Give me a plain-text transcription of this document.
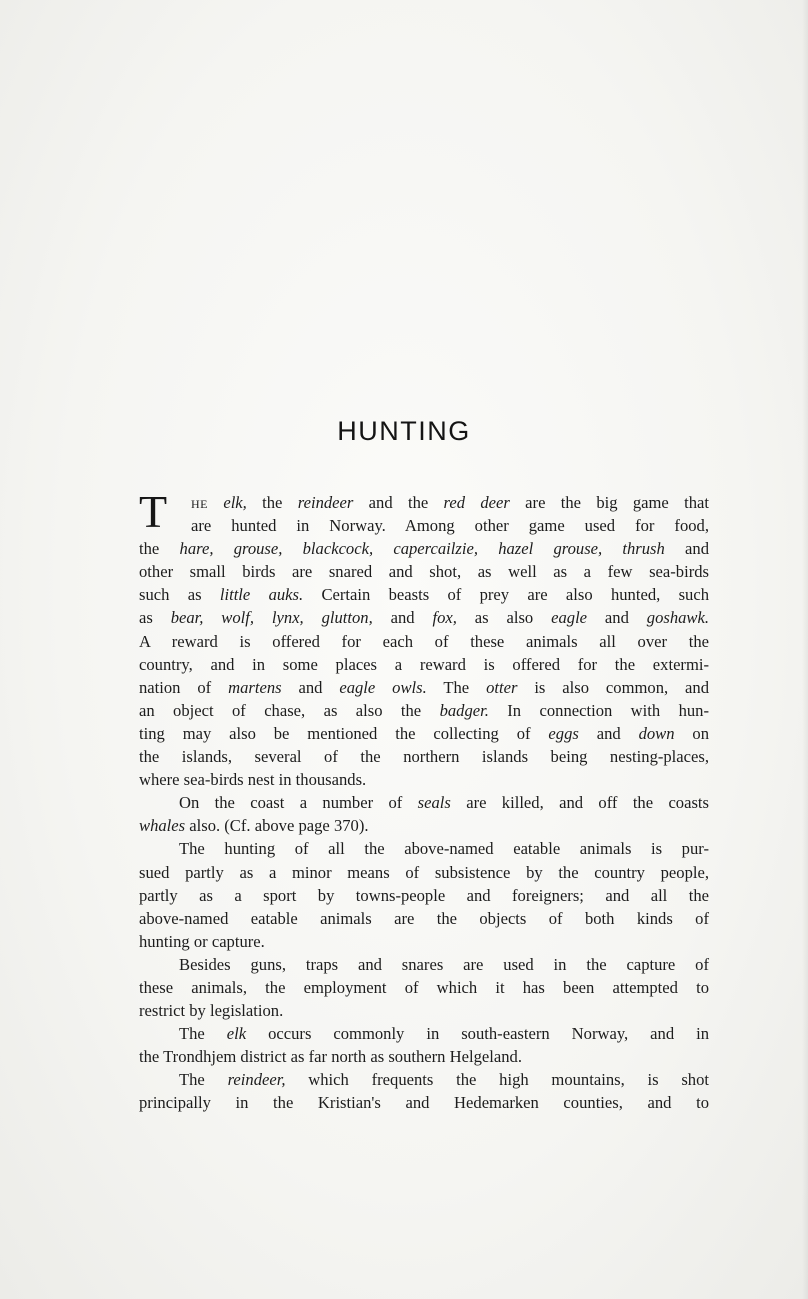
HUNTING
T	he elk, the reindeer and the red deer are the big game that
are hunted in Norway. Among other game used for food,
the hare, grouse, blackcock, capercailzie, hazel grouse, thrush and
other small birds are snared and shot, as well as a few sea-birds
such as little auks. Certain beasts of prey are also hunted, such
as bear, wolf, lynx, glutton, and fox, as also eagle and goshawk.
A reward is offered for each of these animals all over the
country, and in some places a reward is offered for the extermi-
nation of martens and eagle owls. The otter is also common, and
an object of chase, as also the badger. In connection with hun-
ting may also be mentioned the collecting of eggs and down on
the islands, several of the northern islands being nesting-places,
where sea-birds nest in thousands.
On the coast a number of seals are killed, and off the coasts
whales also. (Cf. above page 370).
The hunting of all the above-named eatable animals is pur-
sued partly as a minor means of subsistence by the country people,
partly as a sport by towns-people and foreigners; and all the
above-named eatable animals are the objects of both kinds of
hunting or capture.
Besides guns, traps and snares are used in the capture of
these animals, the employment of which it has been attempted to
restrict by legislation.
The elk occurs commonly in south-eastern Norway, and in
the Trondhjem district as far north as southern Helgeland.
The reindeer, which frequents the high mountains, is shot
principally in the Kristian's and Hedemarken counties, and to
